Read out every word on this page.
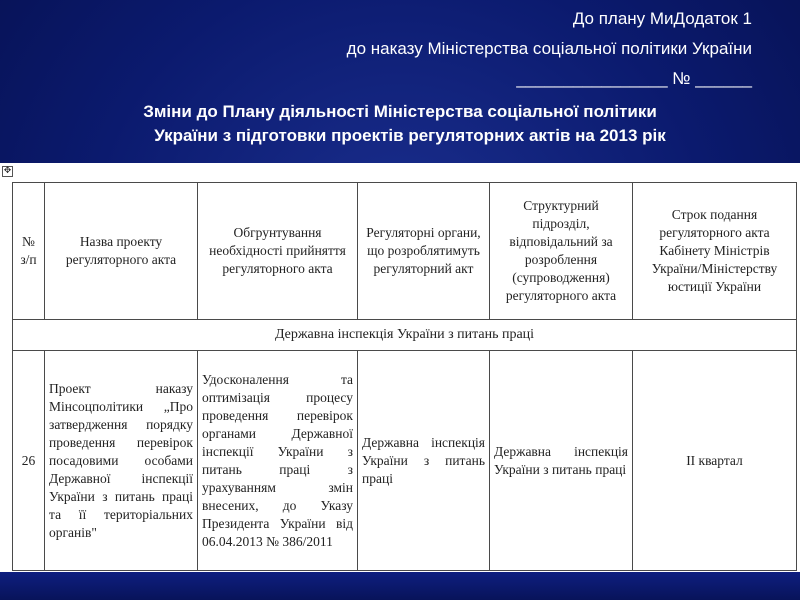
До плану МиДодаток 1
до наказу Міністерства соціальної політики України
________________ № ______
Зміни до Плану діяльності Міністерства соціальної політики
України з підготовки проектів регуляторних актів на 2013 рік
✥
№ з/п	Назва проекту регуляторного акта	Обгрунтування необхідності прийняття регуляторного акта	Регуляторні органи, що розроблятимуть регуляторний акт	Структурний підрозділ, відповідальний за розроблення (супроводження) регуляторного акта	Строк подання регуляторного акта Кабінету Міністрів України/Міністерству юстиції України
Державна інспекція України з питань праці					
26	Проект наказу Мінсоцполітики „Про затвердження порядку проведення перевірок посадовими особами Державної інспекції України з питань праці та її територіальних органів"	Удосконалення та оптимізація процесу проведення перевірок органами Державної інспекції України з питань праці з урахуванням змін внесених, до Указу Президента України від 06.04.2013 № 386/2011	Державна інспекція України з питань праці	Державна інспекція України з питань праці	ІІ квартал
